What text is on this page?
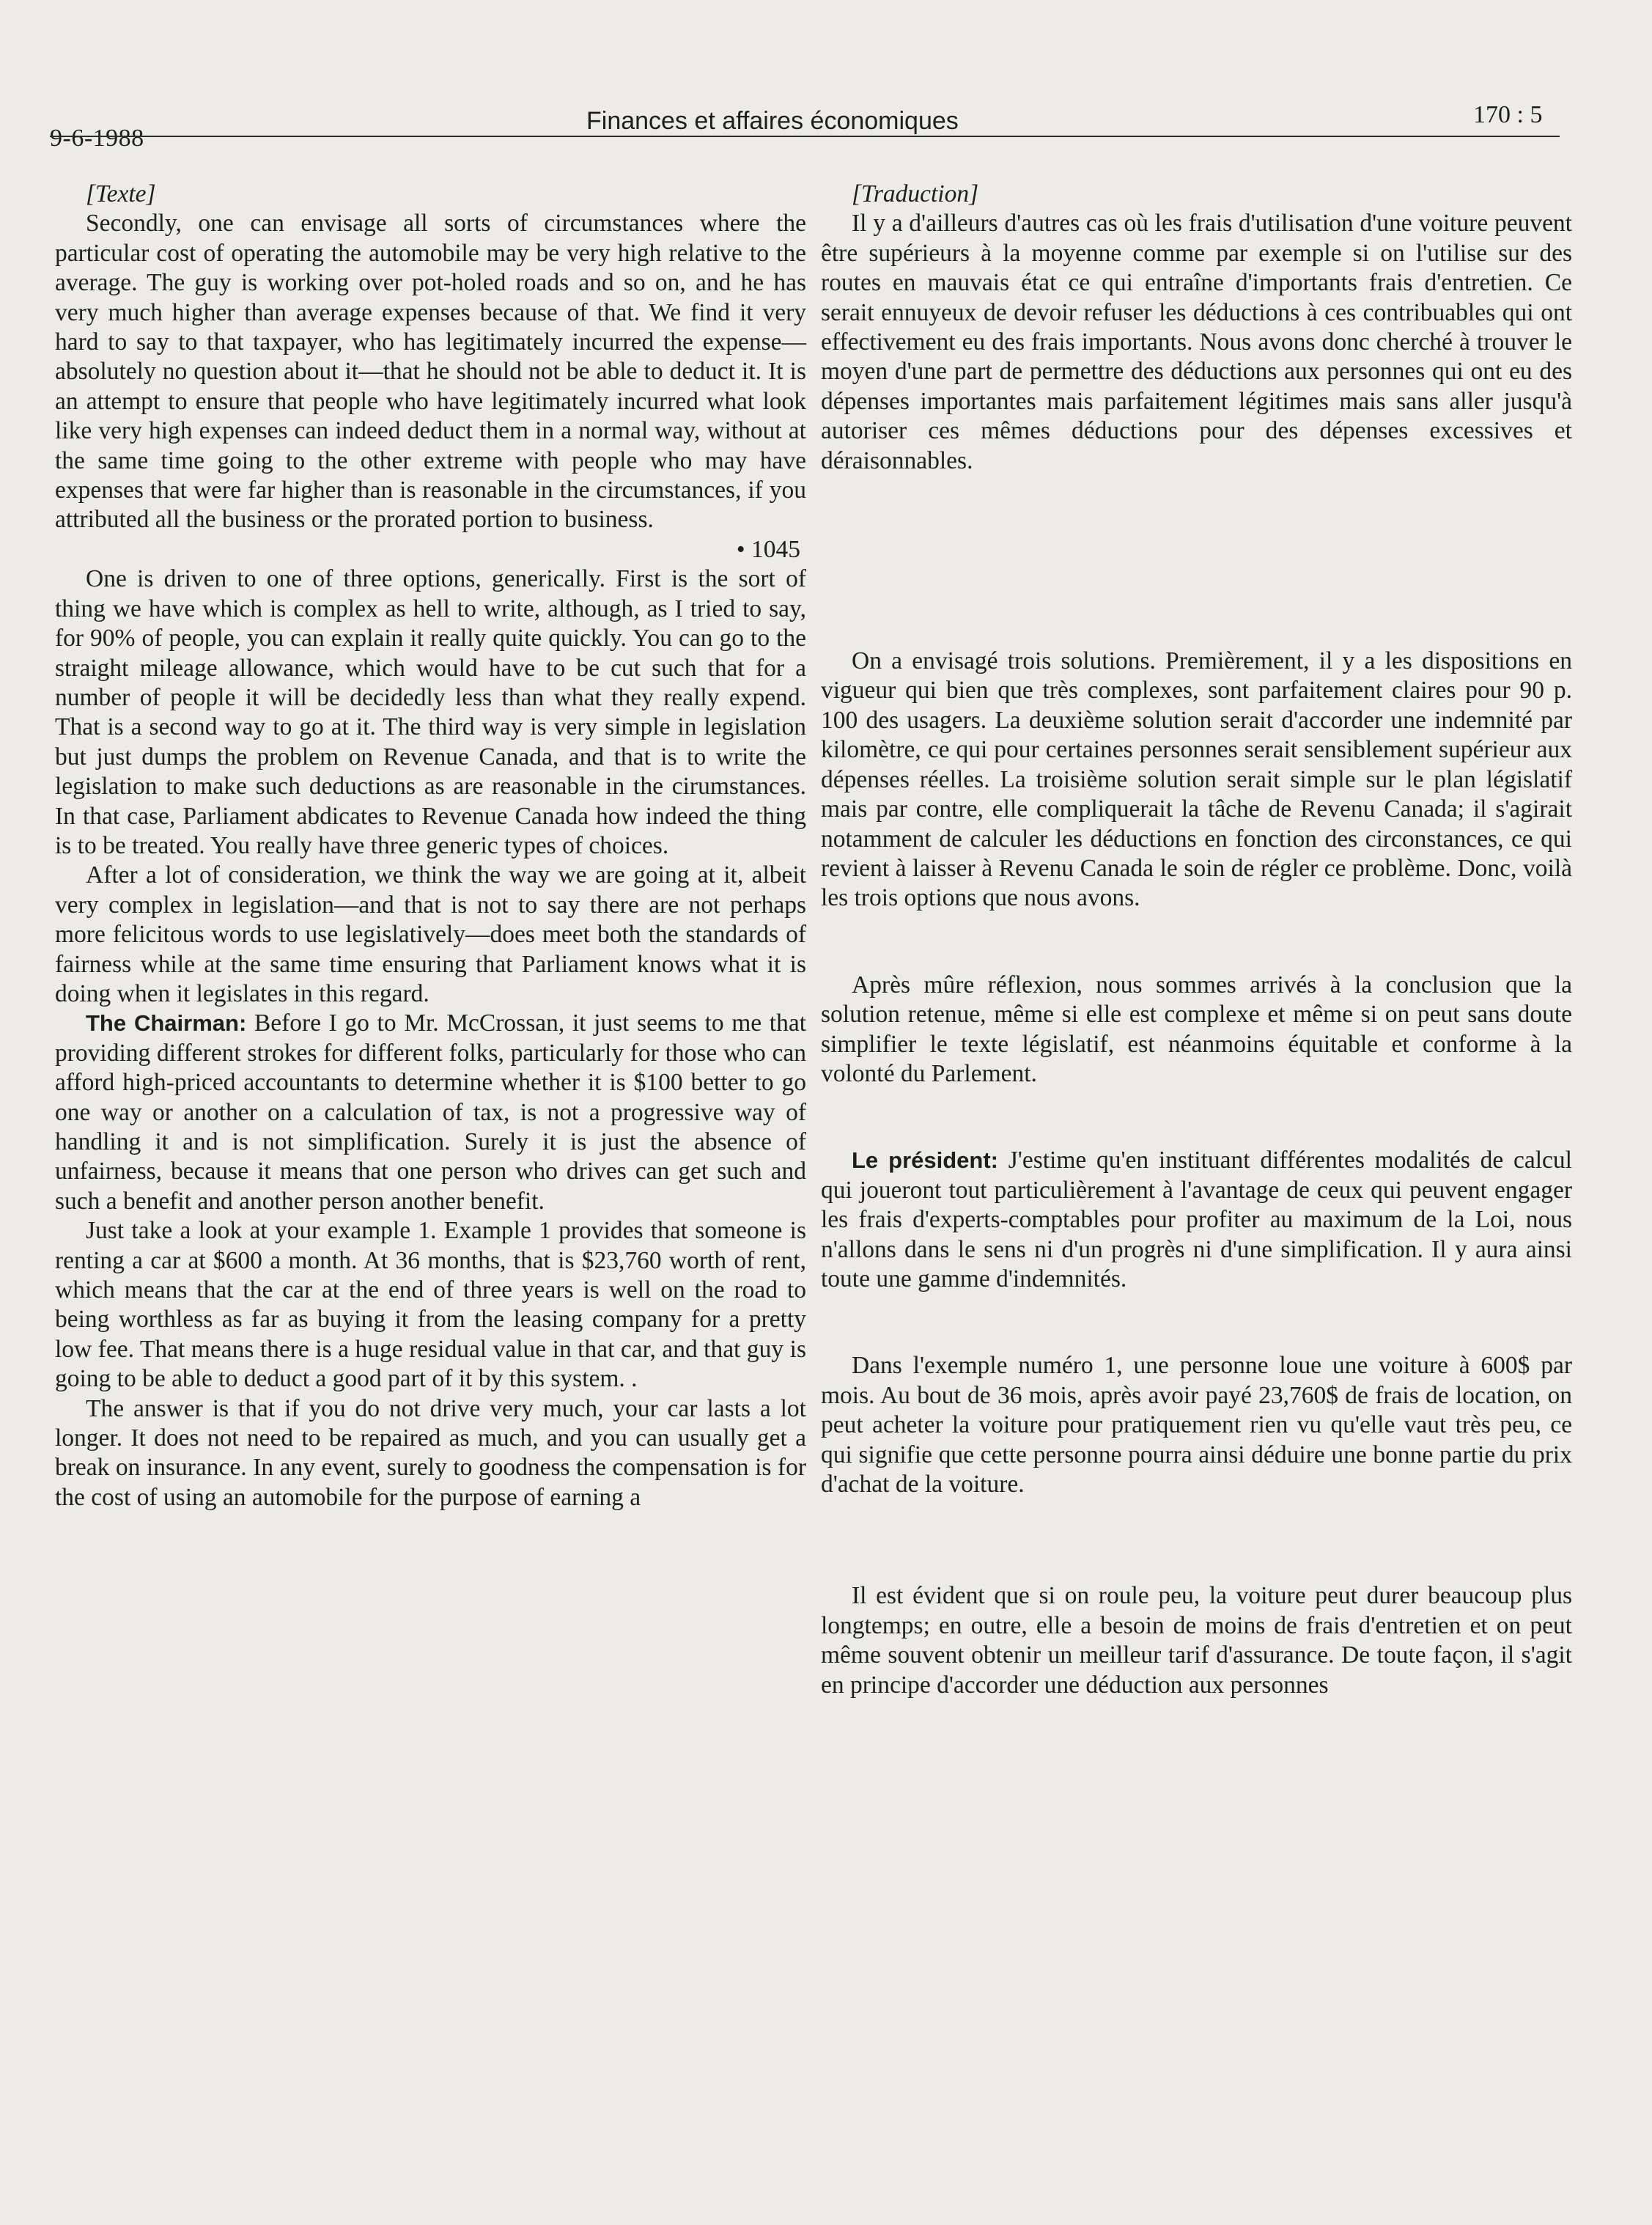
9-6-1988
Finances et affaires économiques	170 : 5

[Texte]

Secondly, one can envisage all sorts of circumstances where the particular cost of operating the automobile may be very high relative to the average. The guy is working over pot-holed roads and so on, and he has very much higher than average expenses because of that. We find it very hard to say to that taxpayer, who has legitimately incurred the expense—absolutely no question about it—that he should not be able to deduct it. It is an attempt to ensure that people who have legitimately incurred what look like very high expenses can indeed deduct them in a normal way, without at the same time going to the other extreme with people who may have expenses that were far higher than is reasonable in the circumstances, if you attributed all the business or the prorated portion to business.

• 1045

One is driven to one of three options, generically. First is the sort of thing we have which is complex as hell to write, although, as I tried to say, for 90% of people, you can explain it really quite quickly. You can go to the straight mileage allowance, which would have to be cut such that for a number of people it will be decidedly less than what they really expend. That is a second way to go at it. The third way is very simple in legislation but just dumps the problem on Revenue Canada, and that is to write the legislation to make such deductions as are reasonable in the cirumstances. In that case, Parliament abdicates to Revenue Canada how indeed the thing is to be treated. You really have three generic types of choices.

After a lot of consideration, we think the way we are going at it, albeit very complex in legislation—and that is not to say there are not perhaps more felicitous words to use legislatively—does meet both the standards of fairness while at the same time ensuring that Parliament knows what it is doing when it legislates in this regard.

The Chairman: Before I go to Mr. McCrossan, it just seems to me that providing different strokes for different folks, particularly for those who can afford high-priced accountants to determine whether it is $100 better to go one way or another on a calculation of tax, is not a progressive way of handling it and is not simplification. Surely it is just the absence of unfairness, because it means that one person who drives can get such and such a benefit and another person another benefit.

Just take a look at your example 1. Example 1 provides that someone is renting a car at $600 a month. At 36 months, that is $23,760 worth of rent, which means that the car at the end of three years is well on the road to being worthless as far as buying it from the leasing company for a pretty low fee. That means there is a huge residual value in that car, and that guy is going to be able to deduct a good part of it by this system. .

The answer is that if you do not drive very much, your car lasts a lot longer. It does not need to be repaired as much, and you can usually get a break on insurance. In any event, surely to goodness the compensation is for the cost of using an automobile for the purpose of earning a

[Traduction]

Il y a d'ailleurs d'autres cas où les frais d'utilisation d'une voiture peuvent être supérieurs à la moyenne comme par exemple si on l'utilise sur des routes en mauvais état ce qui entraîne d'importants frais d'entretien. Ce serait ennuyeux de devoir refuser les déductions à ces contribuables qui ont effectivement eu des frais importants. Nous avons donc cherché à trouver le moyen d'une part de permettre des déductions aux personnes qui ont eu des dépenses importantes mais parfaitement légitimes mais sans aller jusqu'à autoriser ces mêmes déductions pour des dépenses excessives et déraisonnables.

On a envisagé trois solutions. Premièrement, il y a les dispositions en vigueur qui bien que très complexes, sont parfaitement claires pour 90 p. 100 des usagers. La deuxième solution serait d'accorder une indemnité par kilomètre, ce qui pour certaines personnes serait sensiblement supérieur aux dépenses réelles. La troisième solution serait simple sur le plan législatif mais par contre, elle compliquerait la tâche de Revenu Canada; il s'agirait notamment de calculer les déductions en fonction des circonstances, ce qui revient à laisser à Revenu Canada le soin de régler ce problème. Donc, voilà les trois options que nous avons.

Après mûre réflexion, nous sommes arrivés à la conclusion que la solution retenue, même si elle est complexe et même si on peut sans doute simplifier le texte législatif, est néanmoins équitable et conforme à la volonté du Parlement.

Le président: J'estime qu'en instituant différentes modalités de calcul qui joueront tout particulièrement à l'avantage de ceux qui peuvent engager les frais d'experts-comptables pour profiter au maximum de la Loi, nous n'allons dans le sens ni d'un progrès ni d'une simplification. Il y aura ainsi toute une gamme d'indemnités.

Dans l'exemple numéro 1, une personne loue une voiture à 600$ par mois. Au bout de 36 mois, après avoir payé 23,760$ de frais de location, on peut acheter la voiture pour pratiquement rien vu qu'elle vaut très peu, ce qui signifie que cette personne pourra ainsi déduire une bonne partie du prix d'achat de la voiture.

Il est évident que si on roule peu, la voiture peut durer beaucoup plus longtemps; en outre, elle a besoin de moins de frais d'entretien et on peut même souvent obtenir un meilleur tarif d'assurance. De toute façon, il s'agit en principe d'accorder une déduction aux personnes
